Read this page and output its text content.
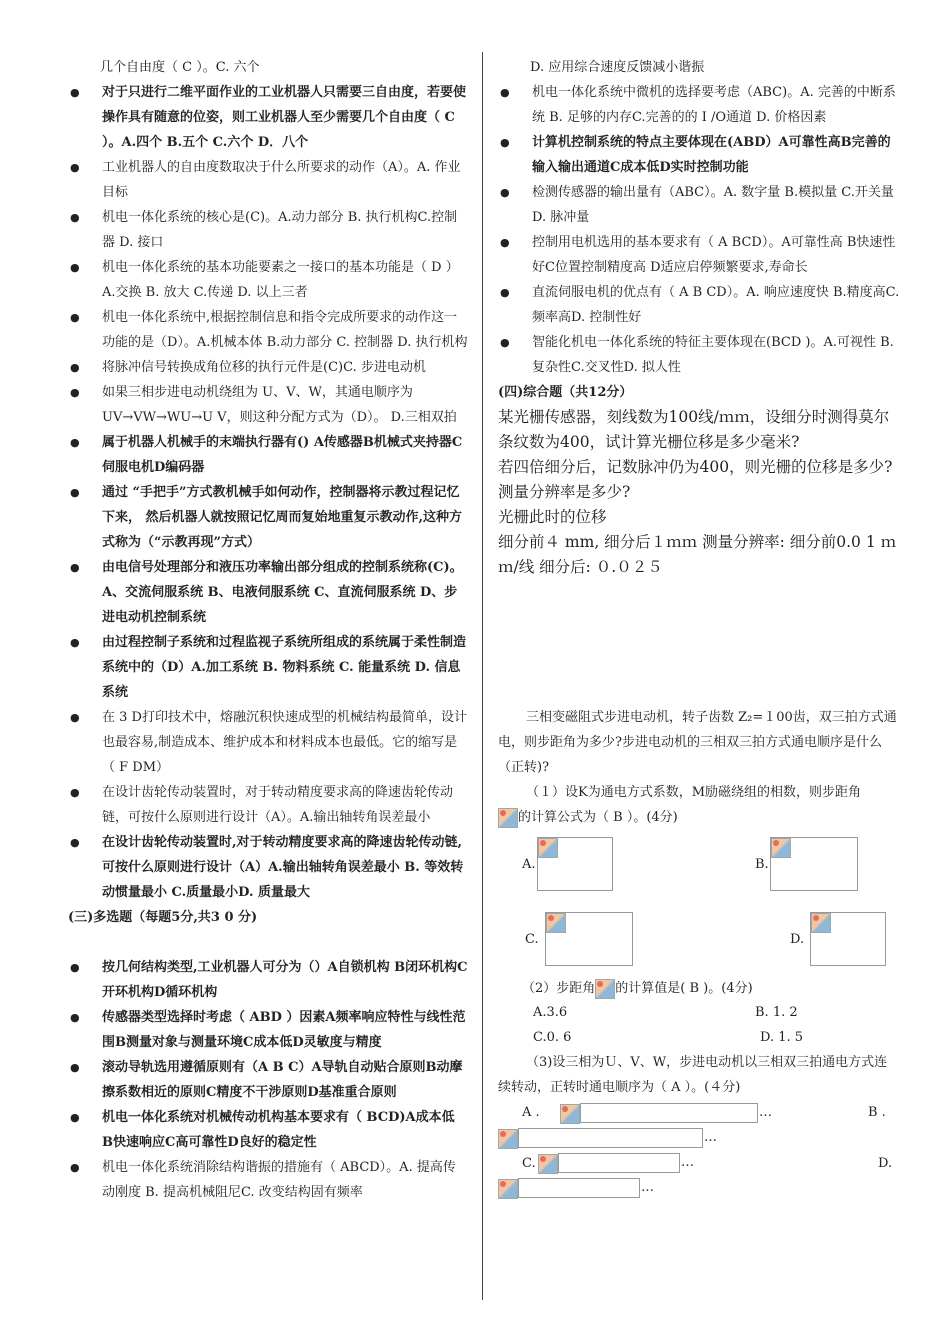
几个自由度（ C ）。C. 六个

●	对于只进行二维平面作业的工业机器人只需要三自由度，若要使操作具有随意的位姿，则工业机器人至少需要几个自由度（ C ）。A.四个 B.五个 C.六个 D．八个
●	工业机器人的自由度数取决于什么所要求的动作（A）。A. 作业目标
●	机电一体化系统的核心是(C)。A.动力部分 B. 执行机构C.控制器 D. 接口
●	机电一体化系统的基本功能要素之一接口的基本功能是（ D ）A.交换 B. 放大 C.传递 D. 以上三者
●	机电一体化系统中,根据控制信息和指令完成所要求的动作这一功能的是（D）。A.机械本体 B.动力部分 C. 控制器 D. 执行机构
●	将脉冲信号转换成角位移的执行元件是(C)C. 步进电动机
●	如果三相步进电动机绕组为 U、V、W，其通电顺序为UV→VW→WU→U V，则这种分配方式为（D）。 D.三相双拍
●	属于机器人机械手的末端执行器有() A传感器B机械式夹持器C伺服电机D编码器
●	通过 “手把手”方式教机械手如何动作，控制器将示教过程记忆下来， 然后机器人就按照记忆周而复始地重复示教动作,这种方式称为（“示教再现”方式）
●	由电信号处理部分和液压功率输出部分组成的控制系统称(C)。A、交流伺服系统 B、电液伺服系统 C、直流伺服系统 D、步进电动机控制系统
●	由过程控制子系统和过程监视子系统所组成的系统属于柔性制造系统中的（D）A.加工系统 B. 物料系统 C. 能量系统 D. 信息系统
●	在 3 D打印技术中，熔融沉积快速成型的机械结构最简单，设计也最容易,制造成本、维护成本和材料成本也最低。它的缩写是（ F DM）
●	在设计齿轮传动装置时，对于转动精度要求高的降速齿轮传动链，可按什么原则进行设计（A）。A.输出轴转角误差最小
●	在设计齿轮传动装置时,对于转动精度要求高的降速齿轮传动链,可按什么原则进行设计（A）A.输出轴转角误差最小 B. 等效转动惯量最小 C.质量最小D. 质量最大

(三)多选题（每题5分,共3 0 分)

●	按几何结构类型,工业机器人可分为（）A自锁机构 B闭环机构C开环机构D循环机构
●	传感器类型选择时考虑（ ABD ）因素A频率响应特性与线性范围B测量对象与测量环境C成本低D灵敏度与精度
●	滚动导轨选用遵循原则有（A B C）A导轨自动贴合原则B动摩擦系数相近的原则C精度不干涉原则D基准重合原则
●	机电一体化系统对机械传动机构基本要求有（ BCD)A成本低 B快速响应C高可靠性D良好的稳定性
●	机电一体化系统消除结构谐振的措施有（ ABCD）。A. 提高传动刚度 B. 提高机械阻尼C. 改变结构固有频率

D. 应用综合速度反馈减小谐振

●	机电一体化系统中微机的选择要考虑（ABC)。A. 完善的中断系统 B. 足够的内存C.完善的的 I /O通道 D. 价格因素
●	计算机控制系统的特点主要体现在(ABD）A可靠性高B完善的输入输出通道C成本低D实时控制功能
●	检测传感器的输出量有（ABC）。A. 数字量 B.模拟量 C.开关量 D. 脉冲量
●	控制用电机选用的基本要求有（ A BCD）。A可靠性高 B快速性好C位置控制精度高 D适应启停频繁要求,寿命长
●	直流伺服电机的优点有（ A B CD）。A. 响应速度快 B.精度高C. 频率高D. 控制性好
●	智能化机电一体化系统的特征主要体现在(BCD )。A.可视性 B. 复杂性C.交叉性D. 拟人性

(四)综合题（共12分）

某光栅传感器，刻线数为100线/ｍｍ，设细分时测得莫尔条纹数为400，试计算光栅位移是多少毫米?

若四倍细分后，记数脉冲仍为400，则光栅的位移是多少?测量分辨率是多少?

光栅此时的位移

细分前４ mm, 细分后１ｍｍ 测量分辨率: 细分前0.0 1 ｍｍ/线 细分后: ０.０２５

三相变磁阻式步进电动机，转子齿数 Z₂=１00齿，双三拍方式通电，则步距角为多少?步进电动机的三相双三拍方式通电顺序是什么（正转)?

（１）设K为通电方式系数，M励磁绕组的相数，则步距角

的计算公式为（ B ）。(4分)

A.	B.
C.	D.

（2）步距角 的计算值是( B )。(4分)

A.3.6	B. 1. 2
C.0. 6	D. 1. 5

（3)设三相为Ｕ、V、W，步进电动机以三相双三拍通电方式连续转动，正转时通电顺序为（ A ）。(４分)

A .	…	B .
…
C.	…	D.
…
